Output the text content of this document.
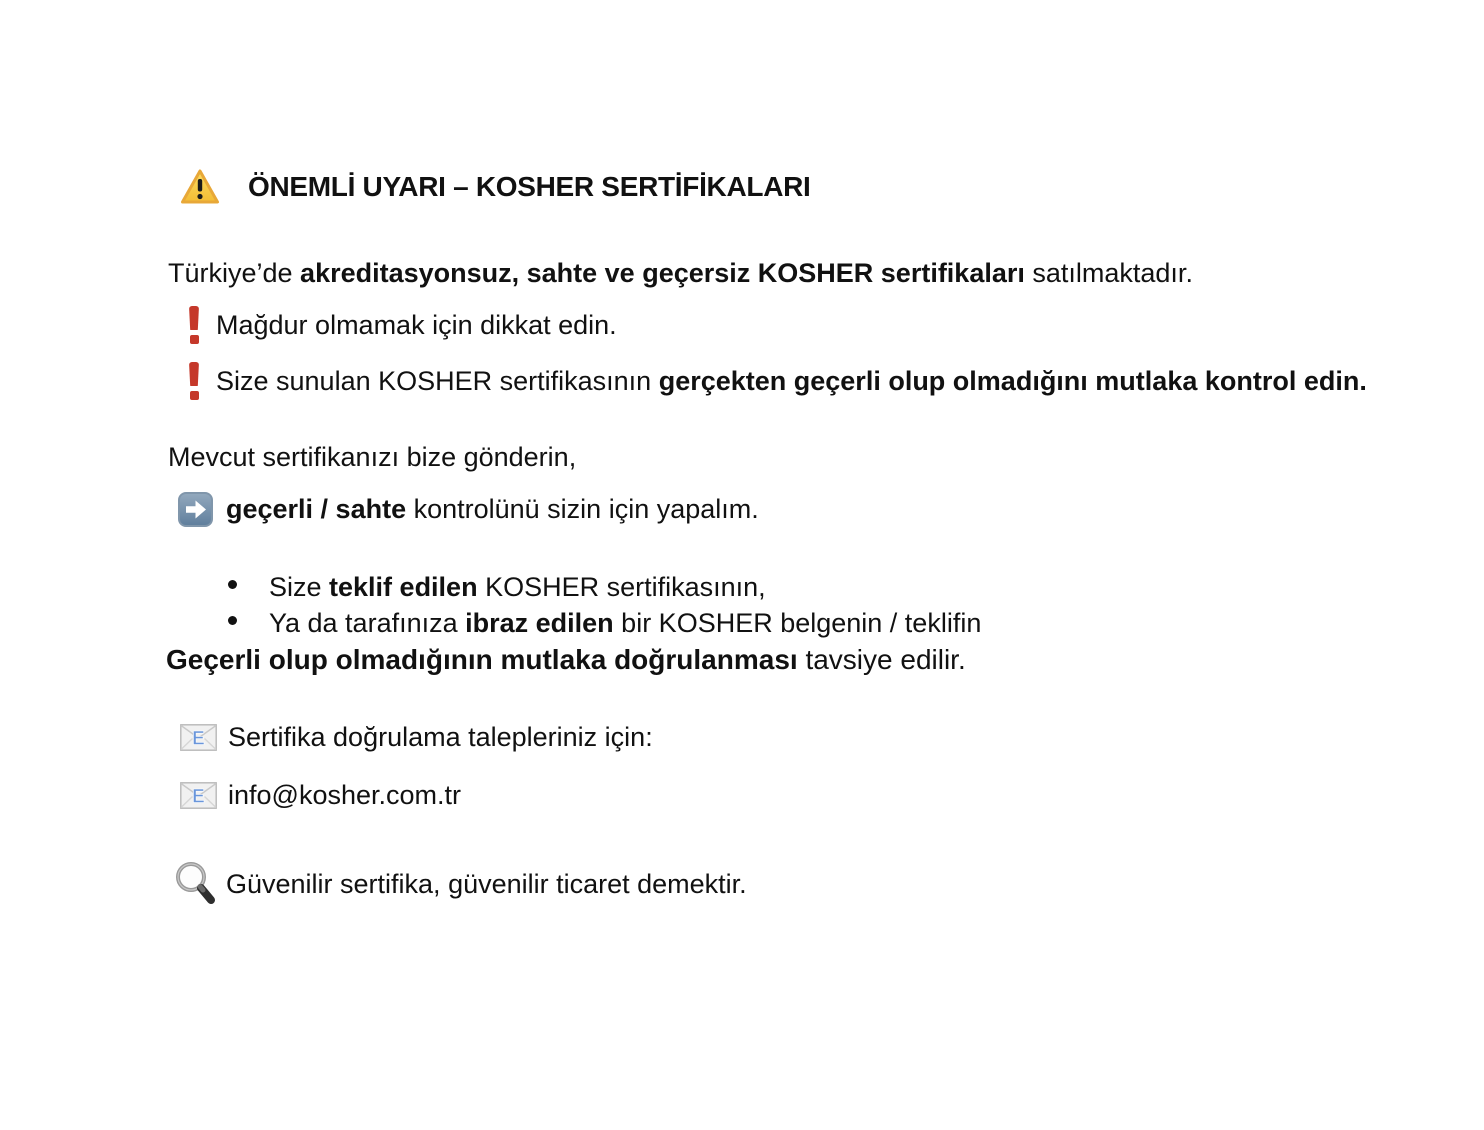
ÖNEMLİ UYARI – KOSHER SERTİFİKALARI
Türkiye’de akreditasyonsuz, sahte ve geçersiz KOSHER sertifikaları satılmaktadır.
Mağdur olmamak için dikkat edin.
Size sunulan KOSHER sertifikasının gerçekten geçerli olup olmadığını mutlaka kontrol edin.
Mevcut sertifikanızı bize gönderin,
geçerli / sahte kontrolünü sizin için yapalım.
Size teklif edilen KOSHER sertifikasının,
Ya da tarafınıza ibraz edilen bir KOSHER belgenin / teklifin
Geçerli olup olmadığının mutlaka doğrulanması tavsiye edilir.
E Sertifika doğrulama talepleriniz için:
E info@kosher.com.tr
Güvenilir sertifika, güvenilir ticaret demektir.
